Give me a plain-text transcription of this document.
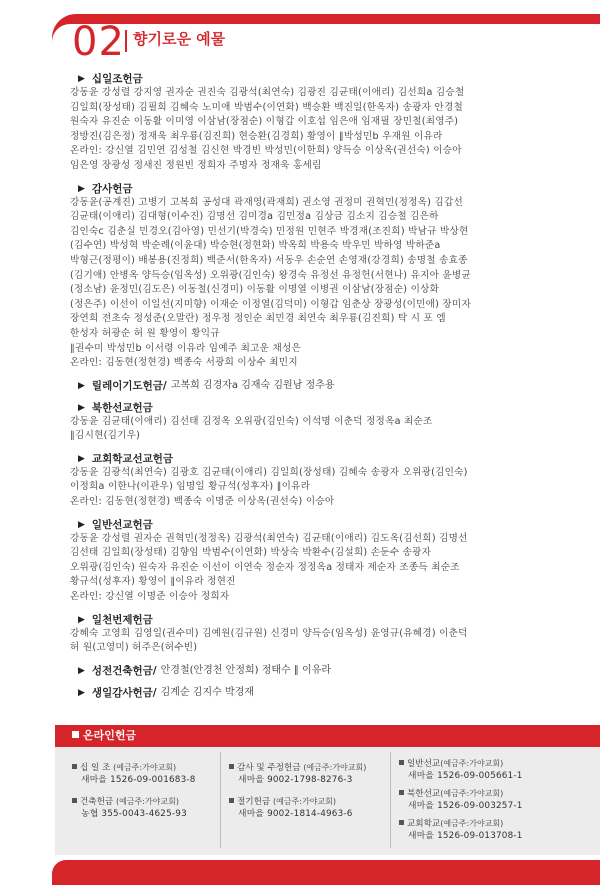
02 향기로운 예물
▶ 십일조헌금
강동윤 강성렬 강지영 권자순 권진숙 김광석(최연숙) 김광진 김균태(이애리) 김선희a 김승철
김일희(장성태) 김필희 김혜숙 노미애 박범수(이연화) 백승환 백진일(한옥자) 송광자 안경철
원숙자 유진순 이동활 이미영 이삼남(장점순) 이형갑 이호섭 임은애 임재필 장민철(최영주)
정방진(김은정) 정재욱 최우룡(김진희) 현승환(김경희) 황영이 ∥박성민b 우재원 이유라
온라인: 강신열 김민연 김성철 김신현 박경빈 박성민(이한희) 양득승 이상옥(권선숙) 이승아
임은영 장광성 정새진 정원빈 정희자 주명자 정재욱 홍세림
▶ 감사헌금
강동윤(공계진) 고병기 고복희 공성대 곽재영(곽재희) 권소영 권정미 권혁민(정정옥) 김갑선
김균태(이애리) 김대형(이수진) 김명선 김미경a 김민정a 김상금 김소지 김승철 김은하
김인숙c 김춘실 민경오(김아영) 민선기(박경숙) 민정원 민현주 박경재(조진희) 박남규 박상현
(김수연) 박성혁 박순례(이윤대) 박승현(정현화) 박옥희 박용숙 박우민 박하영 박하준a
박형근(정평이) 배봉용(진정희) 백준서(한옥자) 서동우 손순연 손영재(강경희) 송명철 송효종
(김기애) 안병옥 양득승(임옥성) 오위광(김인숙) 왕경숙 유정선 유정헌(서현나) 유지아 윤병균
(정소남) 윤정민(김도은) 이동철(신경미) 이동활 이명열 이병권 이삼남(장점순) 이상화
(정은주) 이선이 이일선(지미향) 이재순 이정열(김덕미) 이형갑 임춘상 장광성(이민애) 장미자
장연희 전초숙 정성준(오말란) 정우정 정인순 최민경 최연숙 최우룡(김진희) 탁 시 포 엠
한성자 허광순 허 원 황영이 황익규
∥권수미 박성민b 이서령 이유라 임예주 최고운 채성은
온라인: 김동현(정현경) 백종숙 서광희 이상수 최민지
▶ 릴레이기도헌금/ 고복희 김경자a 김재숙 김원남 정추용
▶ 북한선교헌금
강동윤 김균태(이애리) 김선태 김정옥 오위광(김인숙) 이석명 이춘덕 정정옥a 최순조
∥김시현(김기우)
▶ 교회학교선교헌금
강동윤 김광석(최연숙) 김광호 김균태(이애리) 김일희(장성태) 김혜숙 송광자 오위광(김인숙)
이정희a 이한나(이관우) 임명일 황규석(성후자) ∥이유라
온라인: 김동현(정현경) 백종숙 이명준 이상옥(권선숙) 이승아
▶ 일반선교헌금
강동윤 강성렬 권자순 권혁민(정정옥) 김광석(최연숙) 김균태(이애리) 김도옥(김선희) 김명선
김선태 김일희(장성태) 김향임 박범수(이연화) 박상숙 박환수(김설희) 손둔수 송광자
오위광(김인숙) 원숙자 유진순 이선이 이연숙 정순자 정정옥a 정태자 제순자 조종득 최순조
황규석(성후자) 황영이 ∥이유라 정현진
온라인: 강신열 이명준 이승아 정희자
▶ 일천번제헌금
강혜숙 고영희 김영일(권수미) 김예원(김규원) 신경미 양득승(임옥성) 윤영규(유혜경) 이춘덕
허 원(고영미) 허주은(허수빈)
▶ 성전건축헌금/ 안경철(안경천 안정희) 정태수 ∥ 이유라
▶ 생일감사헌금/ 김계순 김지수 박경재
온라인헌금
십 일 조 (예금주:가야교회)
새마을 1526-09-001683-8
건축헌금 (예금주:가야교회)
농협 355-0043-4625-93
감사 및 주정헌금 (예금주:가야교회)
새마을 9002-1798-8276-3
절기헌금 (예금주:가야교회)
새마을 9002-1814-4963-6
일반선교(예금주:가야교회)
새마을 1526-09-005661-1
북한선교(예금주:가야교회)
새마을 1526-09-003257-1
교회학교(예금주:가야교회)
새마을 1526-09-013708-1
